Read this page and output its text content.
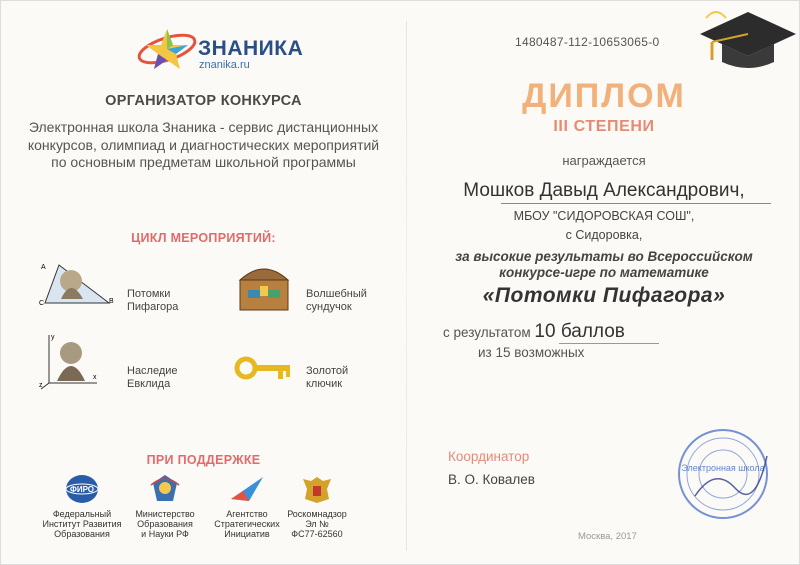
ЗНАНИКА
znanika.ru
ОРГАНИЗАТОР КОНКУРСА
Электронная школа Знаника - сервис дистанционных конкурсов, олимпиад и диагностических мероприятий по основным предметам школьной программы
ЦИКЛ МЕРОПРИЯТИЙ:
A
C	B
Потомки
Пифагора
Волшебный
сундучок
y
x
z
Наследие
Евклида
Золотой
ключик
ПРИ ПОДДЕРЖКЕ
ФИРО
Федеральный
Институт Развития
Образования
Министерство
Образования
и Науки РФ
Агентство
Стратегических
Инициатив
Роскомнадзор
Эл №
ФС77-62560
1480487-112-10653065-0
ДИПЛОМ
III СТЕПЕНИ
награждается
Мошков Давыд Александрович,
МБОУ "СИДОРОВСКАЯ СОШ",
с Сидоровка,
за высокие результаты во Всероссийском
конкурсе-игре по математике
«Потомки Пифагора»
с результатом 10 баллов
из 15 возможных
Координатор
В. О. Ковалев
Москва, 2017
Электронная школа
